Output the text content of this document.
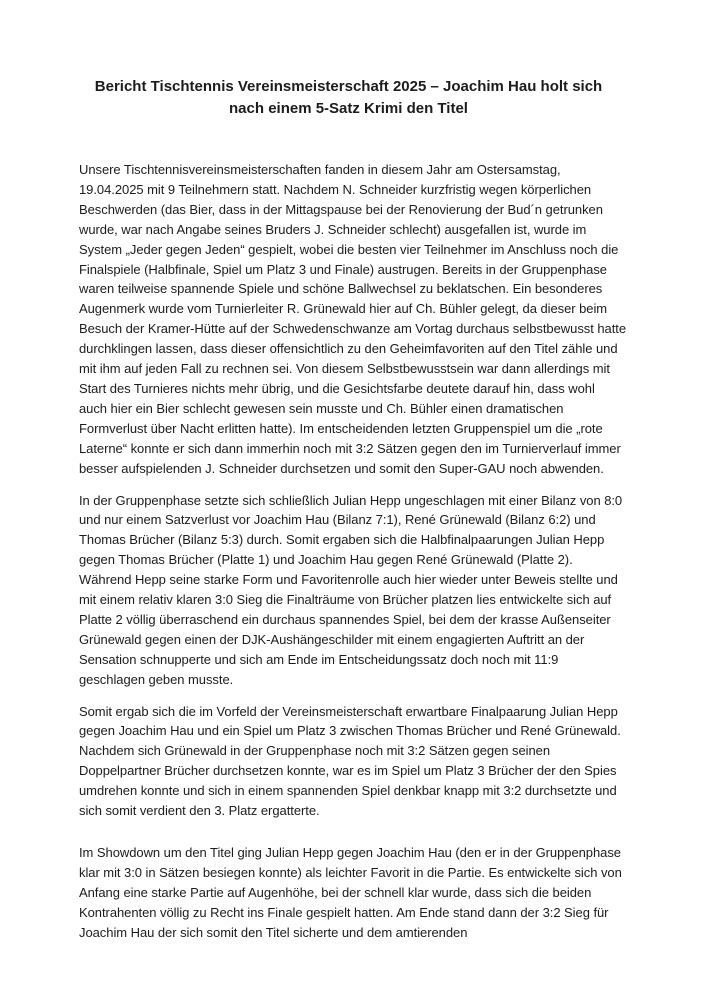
Bericht Tischtennis Vereinsmeisterschaft 2025 – Joachim Hau holt sich
nach einem 5-Satz Krimi den Titel

Unsere Tischtennisvereinsmeisterschaften fanden in diesem Jahr am Ostersamstag, 19.04.2025 mit 9 Teilnehmern statt. Nachdem N. Schneider kurzfristig wegen körperlichen Beschwerden (das Bier, dass in der Mittagspause bei der Renovierung der Bud´n getrunken wurde, war nach Angabe seines Bruders J. Schneider schlecht) ausgefallen ist, wurde im System „Jeder gegen Jeden“ gespielt, wobei die besten vier Teilnehmer im Anschluss noch die Finalspiele (Halbfinale, Spiel um Platz 3 und Finale) austrugen. Bereits in der Gruppenphase waren teilweise spannende Spiele und schöne Ballwechsel zu beklatschen. Ein besonderes Augenmerk wurde vom Turnierleiter R. Grünewald hier auf Ch. Bühler gelegt, da dieser beim Besuch der Kramer-Hütte auf der Schwedenschwanze am Vortag durchaus selbstbewusst hatte durchklingen lassen, dass dieser offensichtlich zu den Geheimfavoriten auf den Titel zähle und mit ihm auf jeden Fall zu rechnen sei. Von diesem Selbstbewusstsein war dann allerdings mit Start des Turnieres nichts mehr übrig, und die Gesichtsfarbe deutete darauf hin, dass wohl auch hier ein Bier schlecht gewesen sein musste und Ch. Bühler einen dramatischen Formverlust über Nacht erlitten hatte). Im entscheidenden letzten Gruppenspiel um die „rote Laterne“ konnte er sich dann immerhin noch mit 3:2 Sätzen gegen den im Turnierverlauf immer besser aufspielenden J. Schneider durchsetzen und somit den Super-GAU noch abwenden.

In der Gruppenphase setzte sich schließlich Julian Hepp ungeschlagen mit einer Bilanz von 8:0 und nur einem Satzverlust vor Joachim Hau (Bilanz 7:1), René Grünewald (Bilanz 6:2) und Thomas Brücher (Bilanz 5:3) durch. Somit ergaben sich die Halbfinalpaarungen Julian Hepp gegen Thomas Brücher (Platte 1) und Joachim Hau gegen René Grünewald (Platte 2). Während Hepp seine starke Form und Favoritenrolle auch hier wieder unter Beweis stellte und mit einem relativ klaren 3:0 Sieg die Finalträume von Brücher platzen lies entwickelte sich auf Platte 2 völlig überraschend ein durchaus spannendes Spiel, bei dem der krasse Außenseiter Grünewald gegen einen der DJK-Aushängeschilder mit einem engagierten Auftritt an der Sensation schnupperte und sich am Ende im Entscheidungssatz doch noch mit 11:9 geschlagen geben musste.

Somit ergab sich die im Vorfeld der Vereinsmeisterschaft erwartbare Finalpaarung Julian Hepp gegen Joachim Hau und ein Spiel um Platz 3 zwischen Thomas Brücher und René Grünewald. Nachdem sich Grünewald in der Gruppenphase noch mit 3:2 Sätzen gegen seinen Doppelpartner Brücher durchsetzen konnte, war es im Spiel um Platz 3 Brücher der den Spies umdrehen konnte und sich in einem spannenden Spiel denkbar knapp mit 3:2 durchsetzte und sich somit verdient den 3. Platz ergatterte.

Im Showdown um den Titel ging Julian Hepp gegen Joachim Hau (den er in der Gruppenphase klar mit 3:0 in Sätzen besiegen konnte) als leichter Favorit in die Partie. Es entwickelte sich von Anfang eine starke Partie auf Augenhöhe, bei der schnell klar wurde, dass sich die beiden Kontrahenten völlig zu Recht ins Finale gespielt hatten. Am Ende stand dann der 3:2 Sieg für Joachim Hau der sich somit den Titel sicherte und dem amtierenden
